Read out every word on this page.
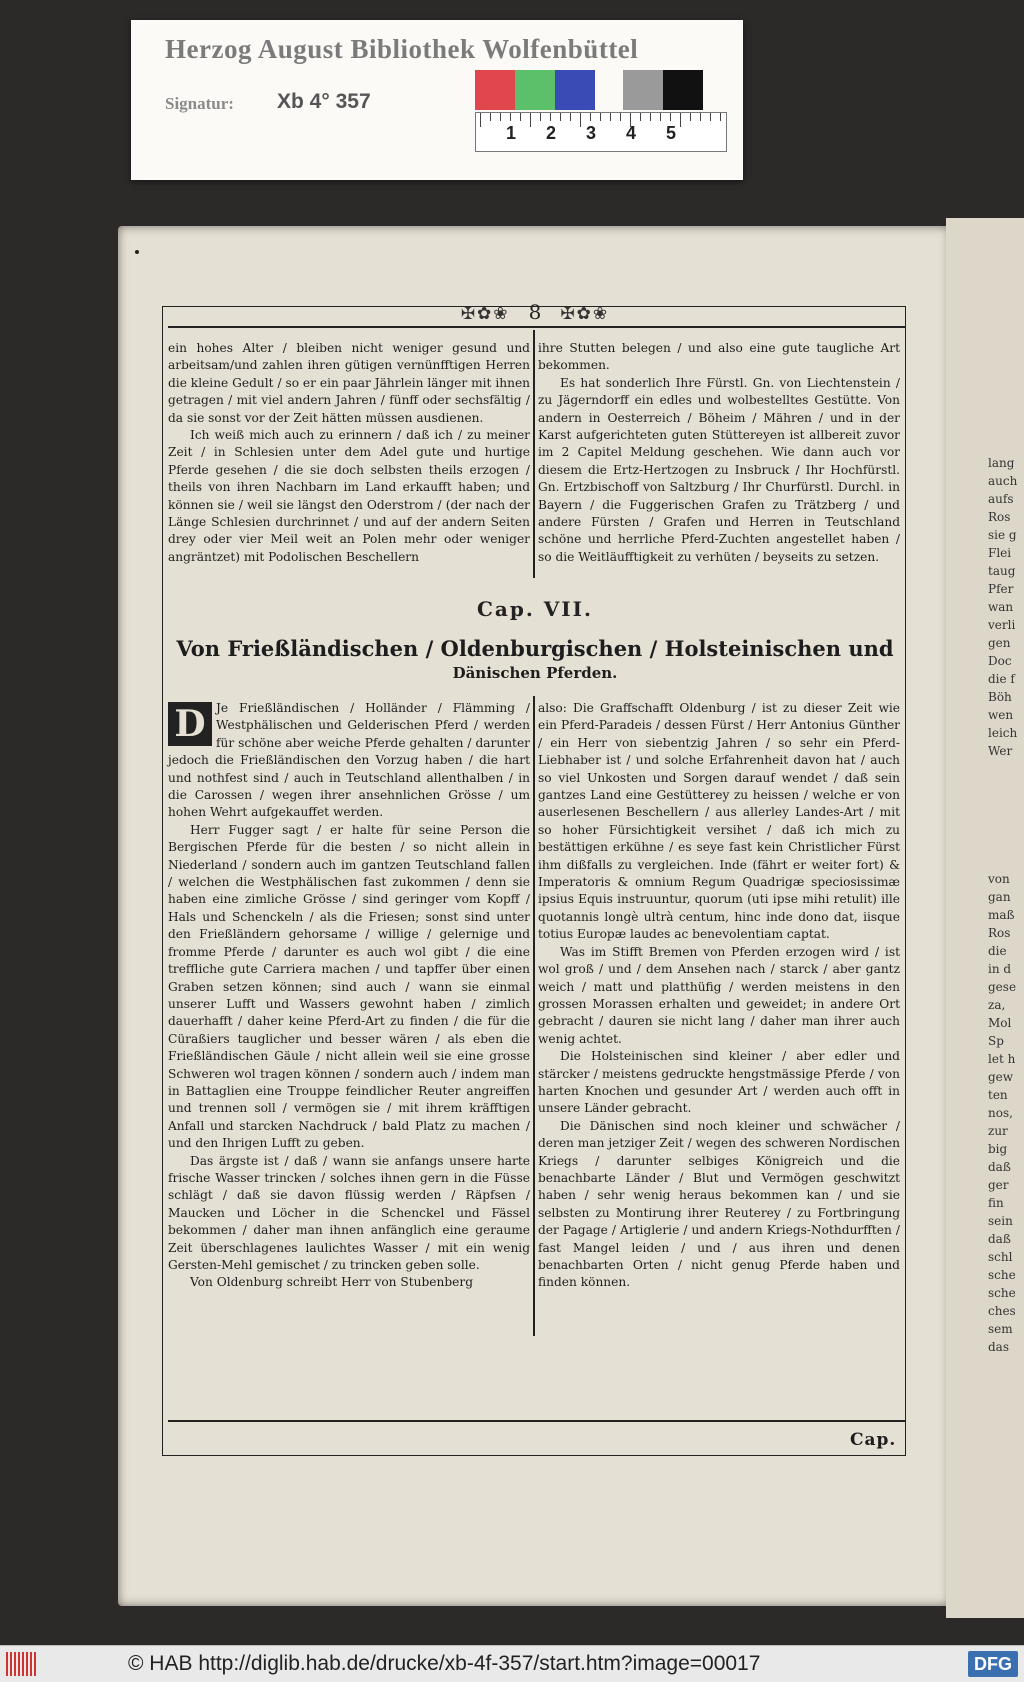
Herzog August Bibliothek Wolfenbüttel
Signatur: Xb 4° 357
1 2 3 4 5
lang
auch
aufs
Ros
sie g
Flei
taug
Pfer
wan
verli
gen
Doc
die f
Böh
wen
leich
Wer
von
gan
maß
Ros
die
in d
gese
za,
Mol
Sp
let h
gew
ten
nos,
zur
big
daß
ger
fin
sein
daß
schl
sche
sche
ches
sem
das
✠✿❀ 8 ✠✿❀

ein hohes Alter / bleiben nicht weniger gesund und arbeitsam/und zahlen ihren gütigen vernünfftigen Herren die kleine Gedult / so er ein paar Jährlein länger mit ihnen getragen / mit viel andern Jahren / fünff oder sechsfältig / da sie sonst vor der Zeit hätten müssen ausdienen.

Ich weiß mich auch zu erinnern / daß ich / zu meiner Zeit / in Schlesien unter dem Adel gute und hurtige Pferde gesehen / die sie doch selbsten theils erzogen / theils von ihren Nachbarn im Land erkaufft haben; und können sie / weil sie längst den Oderstrom / (der nach der Länge Schlesien durchrinnet / und auf der andern Seiten drey oder vier Meil weit an Polen mehr oder weniger angräntzet) mit Podolischen Beschellern

ihre Stutten belegen / und also eine gute taugliche Art bekommen.

Es hat sonderlich Ihre Fürstl. Gn. von Liechtenstein / zu Jägerndorff ein edles und wolbestelltes Gestütte. Von andern in Oesterreich / Böheim / Mähren / und in der Karst aufgerichteten guten Stüttereyen ist allbereit zuvor im 2 Capitel Meldung geschehen. Wie dann auch vor diesem die Ertz-Hertzogen zu Insbruck / Ihr Hochfürstl. Gn. Ertzbischoff von Saltzburg / Ihr Churfürstl. Durchl. in Bayern / die Fuggerischen Grafen zu Trätzberg / und andere Fürsten / Grafen und Herren in Teutschland schöne und herrliche Pferd-Zuchten angestellet haben / so die Weitläufftigkeit zu verhüten / beyseits zu setzen.

Cap. VII.
Von Frießländischen / Oldenburgischen / Holsteinischen und
Dänischen Pferden.

D Je Frießländischen / Holländer / Flämming / Westphälischen und Gelderischen Pferd / werden für schöne aber weiche Pferde gehalten / darunter jedoch die Frießländischen den Vorzug haben / die hart und nothfest sind / auch in Teutschland allenthalben / in die Carossen / wegen ihrer ansehnlichen Grösse / um hohen Wehrt aufgekauffet werden.

Herr Fugger sagt / er halte für seine Person die Bergischen Pferde für die besten / so nicht allein in Niederland / sondern auch im gantzen Teutschland fallen / welchen die Westphälischen fast zukommen / denn sie haben eine zimliche Grösse / sind geringer vom Kopff / Hals und Schenckeln / als die Friesen; sonst sind unter den Frießländern gehorsame / willige / gelernige und fromme Pferde / darunter es auch wol gibt / die eine treffliche gute Carriera machen / und tapffer über einen Graben setzen können; sind auch / wann sie einmal unserer Lufft und Wassers gewohnt haben / zimlich dauerhafft / daher keine Pferd-Art zu finden / die für die Cüraßiers tauglicher und besser wären / als eben die Frießländischen Gäule / nicht allein weil sie eine grosse Schweren wol tragen können / sondern auch / indem man in Battaglien eine Trouppe feindlicher Reuter angreiffen und trennen soll / vermögen sie / mit ihrem kräfftigen Anfall und starcken Nachdruck / bald Platz zu machen / und den Ihrigen Lufft zu geben.

Das ärgste ist / daß / wann sie anfangs unsere harte frische Wasser trincken / solches ihnen gern in die Füsse schlägt / daß sie davon flüssig werden / Räpfsen / Maucken und Löcher in die Schenckel und Fässel bekommen / daher man ihnen anfänglich eine geraume Zeit überschlagenes laulichtes Wasser / mit ein wenig Gersten-Mehl gemischet / zu trincken geben solle.

Von Oldenburg schreibt Herr von Stubenberg

also: Die Graffschafft Oldenburg / ist zu dieser Zeit wie ein Pferd-Paradeis / dessen Fürst / Herr Antonius Günther / ein Herr von siebentzig Jahren / so sehr ein Pferd-Liebhaber ist / und solche Erfahrenheit davon hat / auch so viel Unkosten und Sorgen darauf wendet / daß sein gantzes Land eine Gestütterey zu heissen / welche er von auserlesenen Beschellern / aus allerley Landes-Art / mit so hoher Fürsichtigkeit versihet / daß ich mich zu bestättigen erkühne / es seye fast kein Christlicher Fürst ihm dißfalls zu vergleichen. Inde (fährt er weiter fort) & Imperatoris & omnium Regum Quadrigæ speciosissimæ ipsius Equis instruuntur, quorum (uti ipse mihi retulit) ille quotannis longè ultrà centum, hinc inde dono dat, iisque totius Europæ laudes ac benevolentiam captat.

Was im Stifft Bremen von Pferden erzogen wird / ist wol groß / und / dem Ansehen nach / starck / aber gantz weich / matt und platthüfig / werden meistens in den grossen Morassen erhalten und geweidet; in andere Ort gebracht / dauren sie nicht lang / daher man ihrer auch wenig achtet.

Die Holsteinischen sind kleiner / aber edler und stärcker / meistens gedruckte hengstmässige Pferde / von harten Knochen und gesunder Art / werden auch offt in unsere Länder gebracht.

Die Dänischen sind noch kleiner und schwächer / deren man jetziger Zeit / wegen des schweren Nordischen Kriegs / darunter selbiges Königreich und die benachbarte Länder / Blut und Vermögen geschwitzt haben / sehr wenig heraus bekommen kan / und sie selbsten zu Montirung ihrer Reuterey / zu Fortbringung der Pagage / Artiglerie / und andern Kriegs-Nothdurfften / fast Mangel leiden / und / aus ihren und denen benachbarten Orten / nicht genug Pferde haben und finden können.

Cap.
© HAB http://diglib.hab.de/drucke/xb-4f-357/start.htm?image=00017	DFG
